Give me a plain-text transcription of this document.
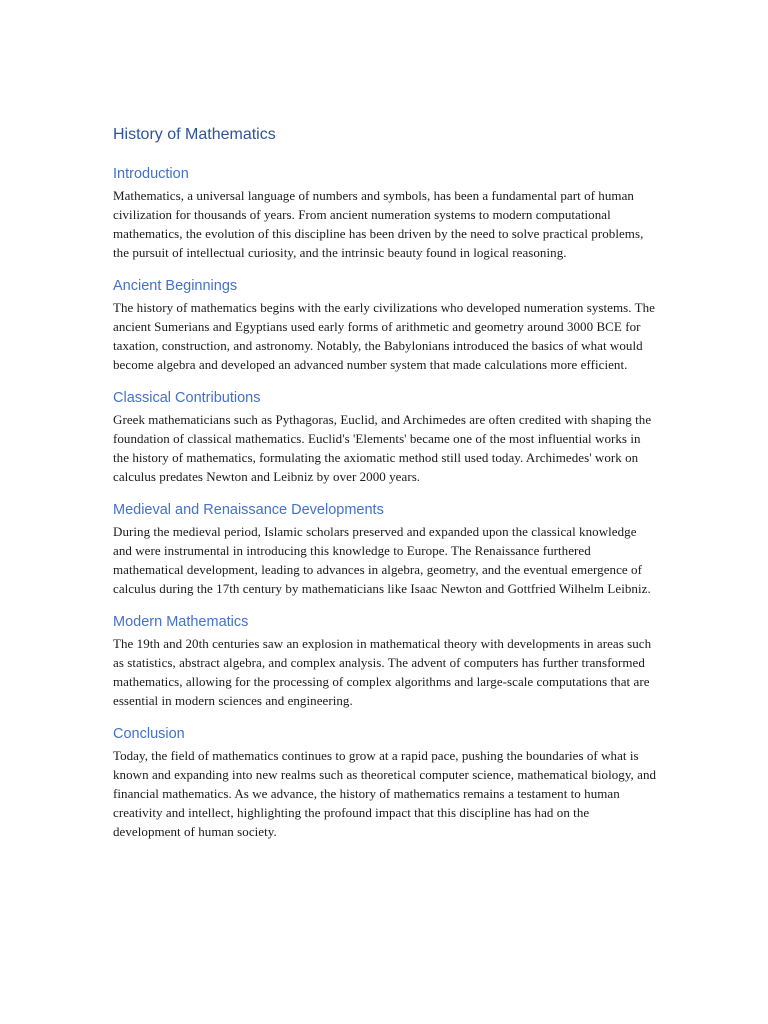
History of Mathematics
Introduction

Mathematics, a universal language of numbers and symbols, has been a fundamental part of human civilization for thousands of years. From ancient numeration systems to modern computational mathematics, the evolution of this discipline has been driven by the need to solve practical problems, the pursuit of intellectual curiosity, and the intrinsic beauty found in logical reasoning.

Ancient Beginnings

The history of mathematics begins with the early civilizations who developed numeration systems. The ancient Sumerians and Egyptians used early forms of arithmetic and geometry around 3000 BCE for taxation, construction, and astronomy. Notably, the Babylonians introduced the basics of what would become algebra and developed an advanced number system that made calculations more efficient.

Classical Contributions

Greek mathematicians such as Pythagoras, Euclid, and Archimedes are often credited with shaping the foundation of classical mathematics. Euclid's 'Elements' became one of the most influential works in the history of mathematics, formulating the axiomatic method still used today. Archimedes' work on calculus predates Newton and Leibniz by over 2000 years.

Medieval and Renaissance Developments

During the medieval period, Islamic scholars preserved and expanded upon the classical knowledge and were instrumental in introducing this knowledge to Europe. The Renaissance furthered mathematical development, leading to advances in algebra, geometry, and the eventual emergence of calculus during the 17th century by mathematicians like Isaac Newton and Gottfried Wilhelm Leibniz.

Modern Mathematics

The 19th and 20th centuries saw an explosion in mathematical theory with developments in areas such as statistics, abstract algebra, and complex analysis. The advent of computers has further transformed mathematics, allowing for the processing of complex algorithms and large-scale computations that are essential in modern sciences and engineering.

Conclusion

Today, the field of mathematics continues to grow at a rapid pace, pushing the boundaries of what is known and expanding into new realms such as theoretical computer science, mathematical biology, and financial mathematics. As we advance, the history of mathematics remains a testament to human creativity and intellect, highlighting the profound impact that this discipline has had on the development of human society.
